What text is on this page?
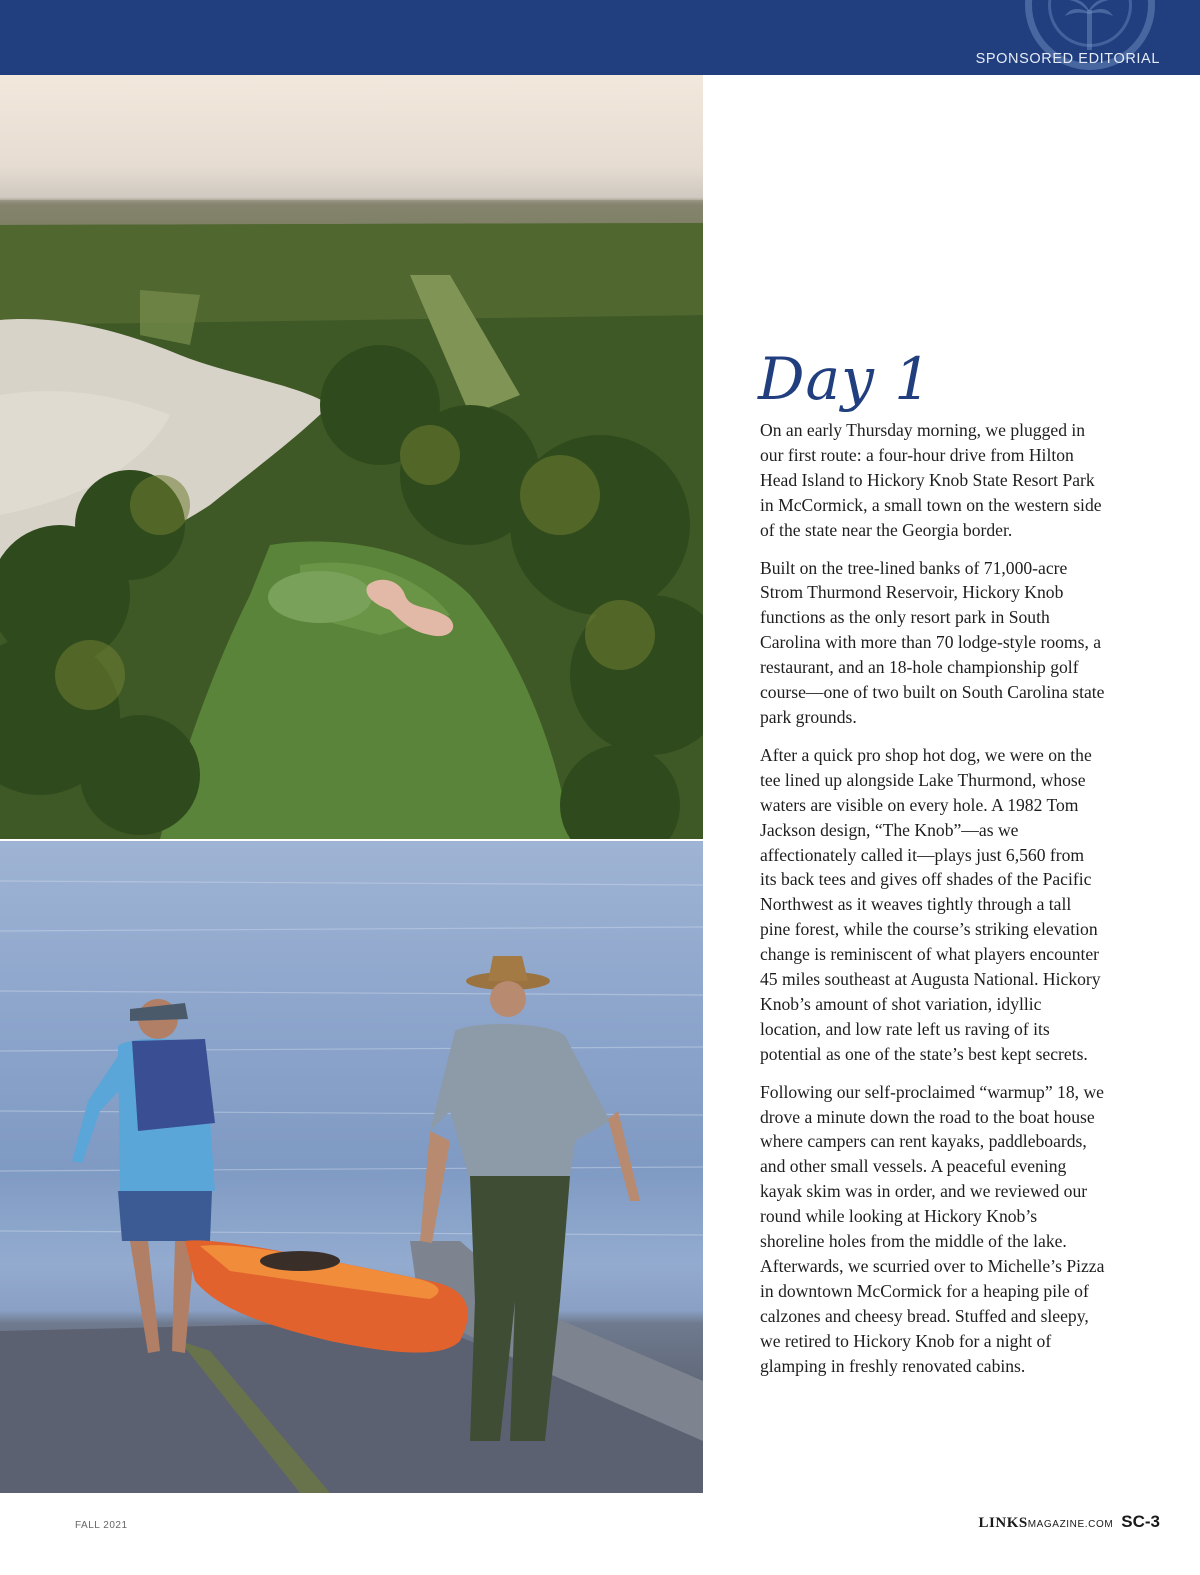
SPONSORED EDITORIAL
Day 1

On an early Thursday morning, we plugged in our first route: a four-hour drive from Hilton Head Island to Hickory Knob State Resort Park in McCormick, a small town on the western side of the state near the Georgia border.

Built on the tree-lined banks of 71,000-acre Strom Thurmond Reservoir, Hickory Knob functions as the only resort park in South Carolina with more than 70 lodge-style rooms, a restaurant, and an 18-hole championship golf course—one of two built on South Carolina state park grounds.

After a quick pro shop hot dog, we were on the tee lined up alongside Lake Thurmond, whose waters are visible on every hole. A 1982 Tom Jackson design, “The Knob”—as we affectionately called it—plays just 6,560 from its back tees and gives off shades of the Pacific Northwest as it weaves tightly through a tall pine forest, while the course’s striking elevation change is reminiscent of what players encounter 45 miles southeast at Augusta National. Hickory Knob’s amount of shot variation, idyllic location, and low rate left us raving of its potential as one of the state’s best kept secrets.

Following our self-proclaimed “warmup” 18, we drove a minute down the road to the boat house where campers can rent kayaks, paddleboards, and other small vessels. A peaceful evening kayak skim was in order, and we reviewed our round while looking at Hickory Knob’s shoreline holes from the middle of the lake. Afterwards, we scurried over to Michelle’s Pizza in downtown McCormick for a heaping pile of calzones and cheesy bread. Stuffed and sleepy, we retired to Hickory Knob for a night of glamping in freshly renovated cabins.

FALL 2021	LINKSMAGAZINE.COM SC-3
